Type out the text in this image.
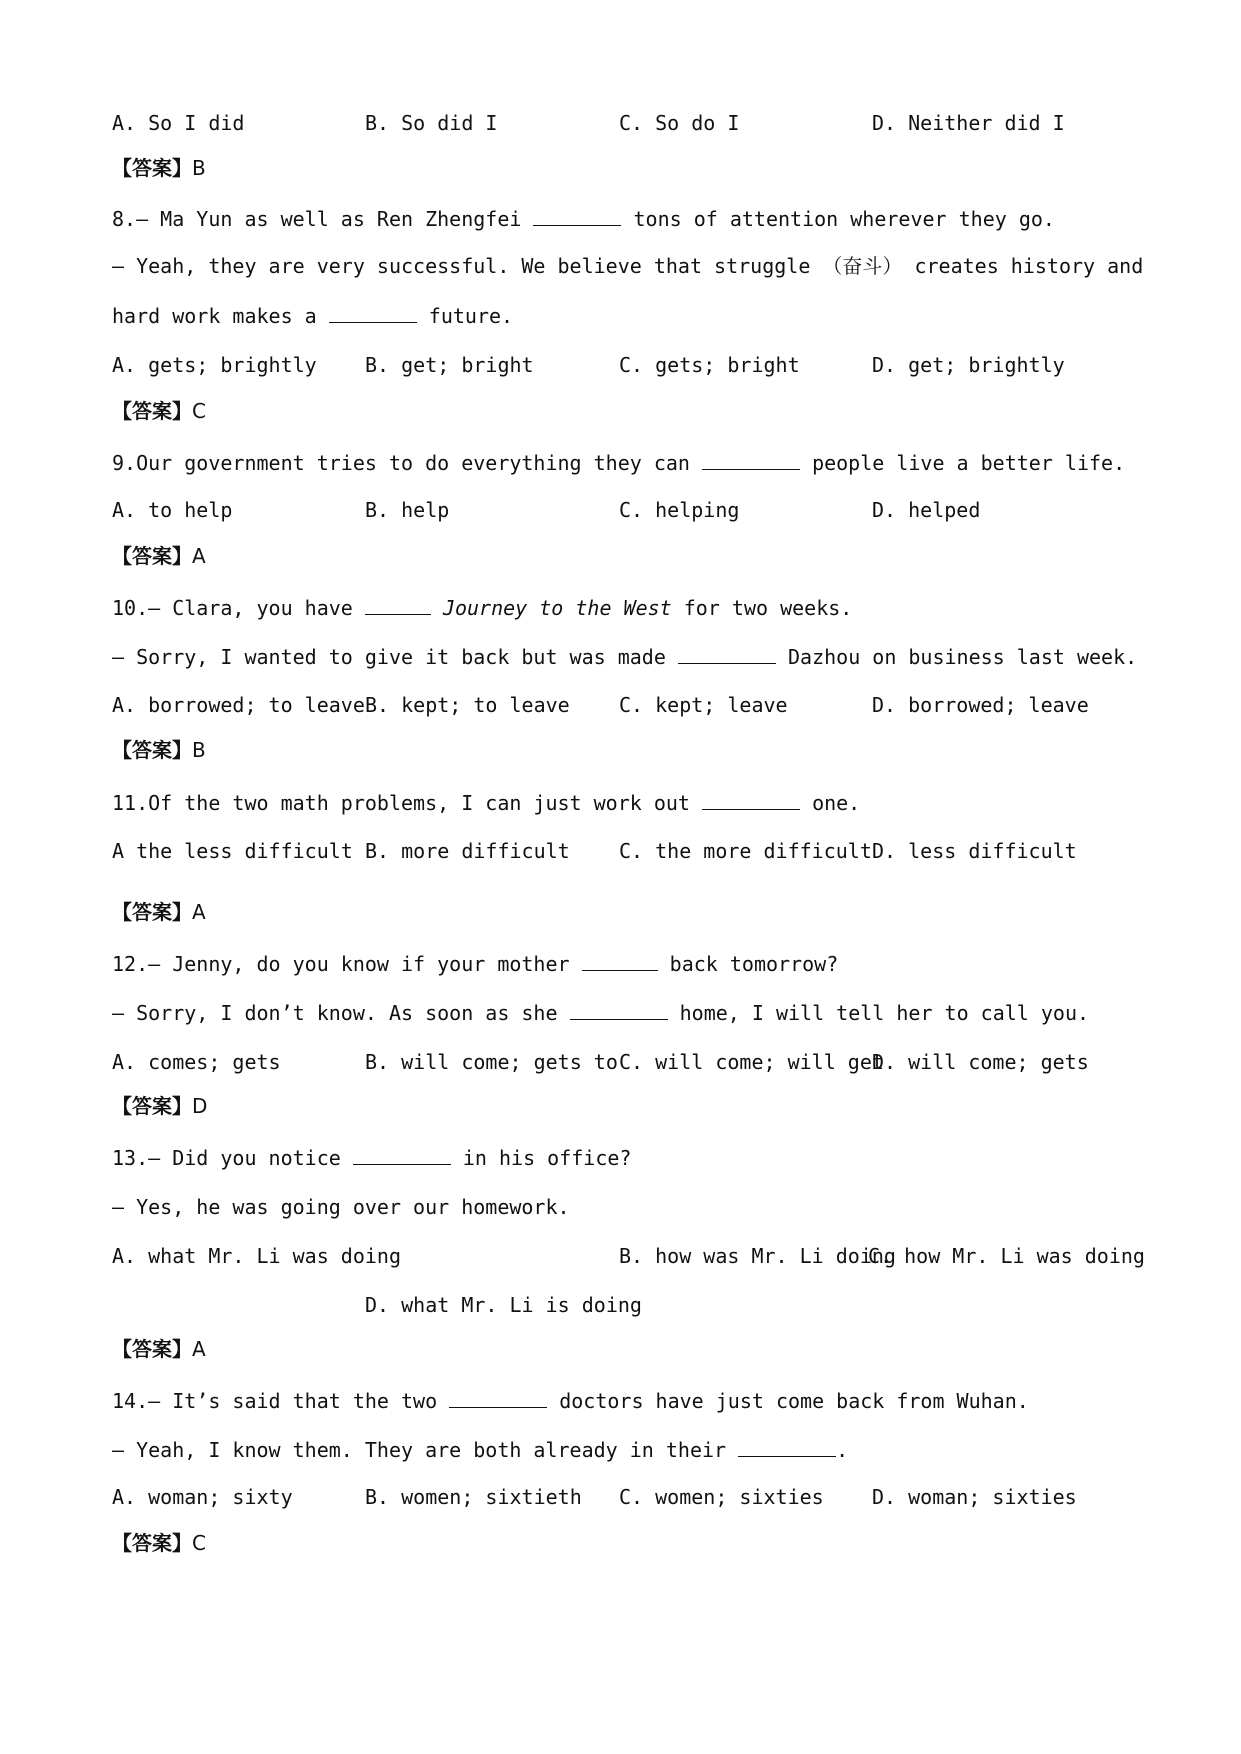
A. So I did	B. So did I	C. So do I	D. Neither did I
【答案】B
8.— Ma Yun as well as Ren Zhengfei	tons of attention wherever they go.
— Yeah, they are very successful. We believe that struggle （奋斗） creates history and
hard work makes a	future.
A. gets; brightly B. get; bright	C. gets; bright	D. get; brightly
【答案】C
9.Our government tries to do everything they can	people live a better life.
A. to help	B. help	C. helping	D. helped
【答案】A
10.— Clara, you have	Journey to the West for two weeks.
— Sorry, I wanted to give it back but was made	Dazhou on business last week.
A. borrowed; to leave B. kept; to leave C. kept; leave	D. borrowed; leave
【答案】B
11.Of the two math problems, I can just work out	one.
A the less difficult B. more difficult C. the more difficult D. less difficult
【答案】A
12.— Jenny, do you know if your mother	back tomorrow?
— Sorry, I don’t know. As soon as she	home, I will tell her to call you.
A. comes; gets	B. will come; gets to C. will come; will get
D. will come; gets
【答案】D
13.— Did you notice	in his office?
— Yes, he was going over our homework.
A. what Mr. Li was doing	B. how was Mr. Li doing
C. how Mr. Li was doing
D. what Mr. Li is doing
【答案】A
14.— It’s said that the two	doctors have just come back from Wuhan.
— Yeah, I know them. They are both already in their	.
A. woman; sixty	B. women; sixtieth C. women; sixties D. woman; sixties
【答案】C
